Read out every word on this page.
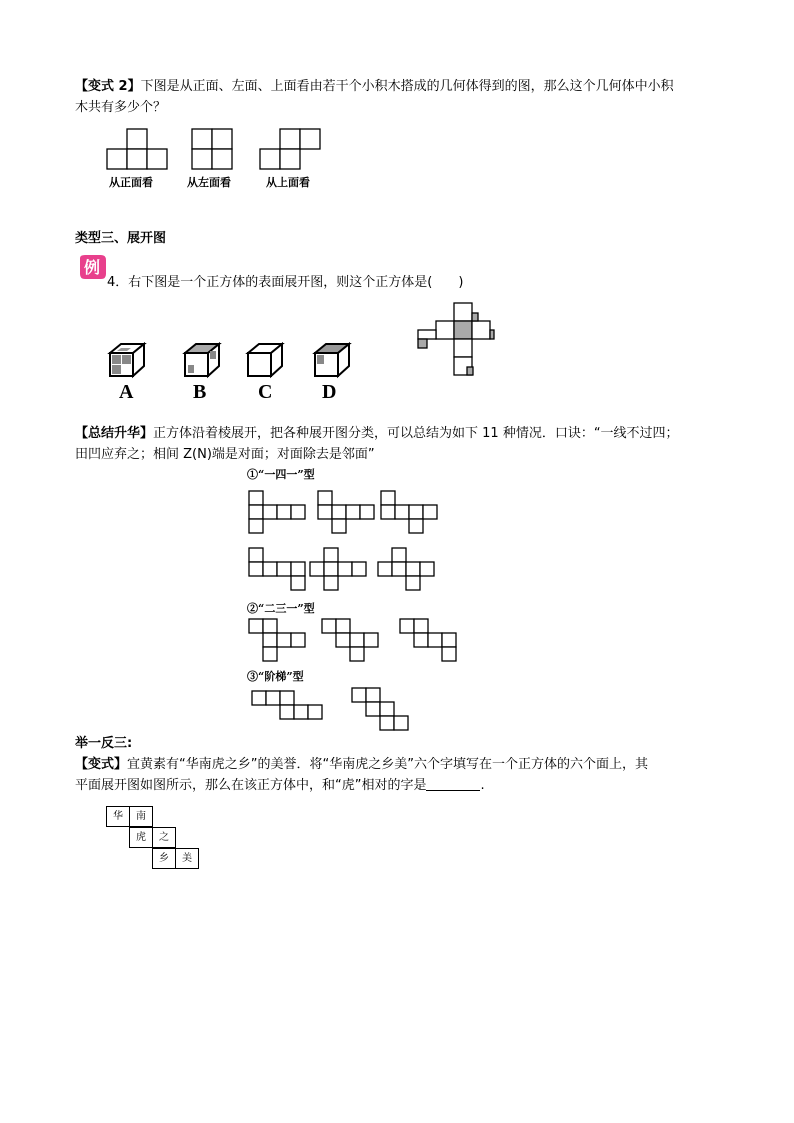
【变式 2】下图是从正面、左面、上面看由若干个小积木搭成的几何体得到的图，那么这个几何体中小积
木共有多少个？
从正面看	从左面看	从上面看
类型三、展开图
例
4．右下图是一个正方体的表面展开图，则这个正方体是(　　)
A	B	C D
【总结升华】正方体沿着棱展开，把各种展开图分类，可以总结为如下 11 种情况．口诀：“一线不过四；
田凹应弃之；相间 Z(N)端是对面；对面除去是邻面”
①“一四一”型
②“二三一”型
③“阶梯”型
举一反三:
【变式】宜黄素有“华南虎之乡”的美誉．将“华南虎之乡美”六个字填写在一个正方体的六个面上，其
平面展开图如图所示，那么在该正方体中，和“虎”相对的字是	.
华	南
虎	之
乡	美
